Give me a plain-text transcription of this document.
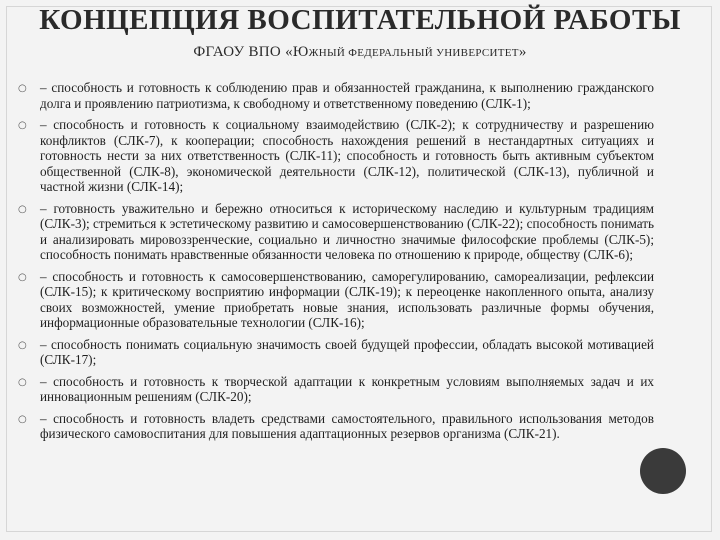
КОНЦЕПЦИЯ ВОСПИТАТЕЛЬНОЙ РАБОТЫ

ФГАОУ ВПО «ЮЖНЫЙ ФЕДЕРАЛЬНЫЙ УНИВЕРСИТЕТ»

○ – способность и готовность к соблюдению прав и обязанностей гражданина, к выполнению гражданского долга и проявлению патриотизма, к свободному и ответственному поведению (СЛК-1);
○ – способность и готовность к социальному взаимодействию (СЛК-2); к сотрудничеству и разрешению конфликтов (СЛК-7), к кооперации; способность нахождения решений в нестандартных ситуациях и готовность нести за них ответственность (СЛК-11); способность и готовность быть активным субъектом общественной (СЛК-8), экономической деятельности (СЛК-12), политической (СЛК-13), публичной и частной жизни (СЛК-14);
○ – готовность уважительно и бережно относиться к историческому наследию и культурным традициям (СЛК-3); стремиться к эстетическому развитию и самосовершенствованию (СЛК-22); способность понимать и анализировать мировоззренческие, социально и личностно значимые философские проблемы (СЛК-5); способность понимать нравственные обязанности человека по отношению к природе, обществу (СЛК-6);
○ – способность и готовность к самосовершенствованию, саморегулированию, самореализации, рефлексии (СЛК-15); к критическому восприятию информации (СЛК-19); к переоценке накопленного опыта, анализу своих возможностей, умение приобретать новые знания, использовать различные формы обучения, информационные образовательные технологии (СЛК-16);
○ – способность понимать социальную значимость своей будущей профессии, обладать высокой мотивацией (СЛК-17);
○ – способность и готовность к творческой адаптации к конкретным условиям выполняемых задач и их инновационным решениям (СЛК-20);
○ – способность и готовность владеть средствами самостоятельного, правильного использования методов физического самовоспитания для повышения адаптационных резервов организма (СЛК-21).
